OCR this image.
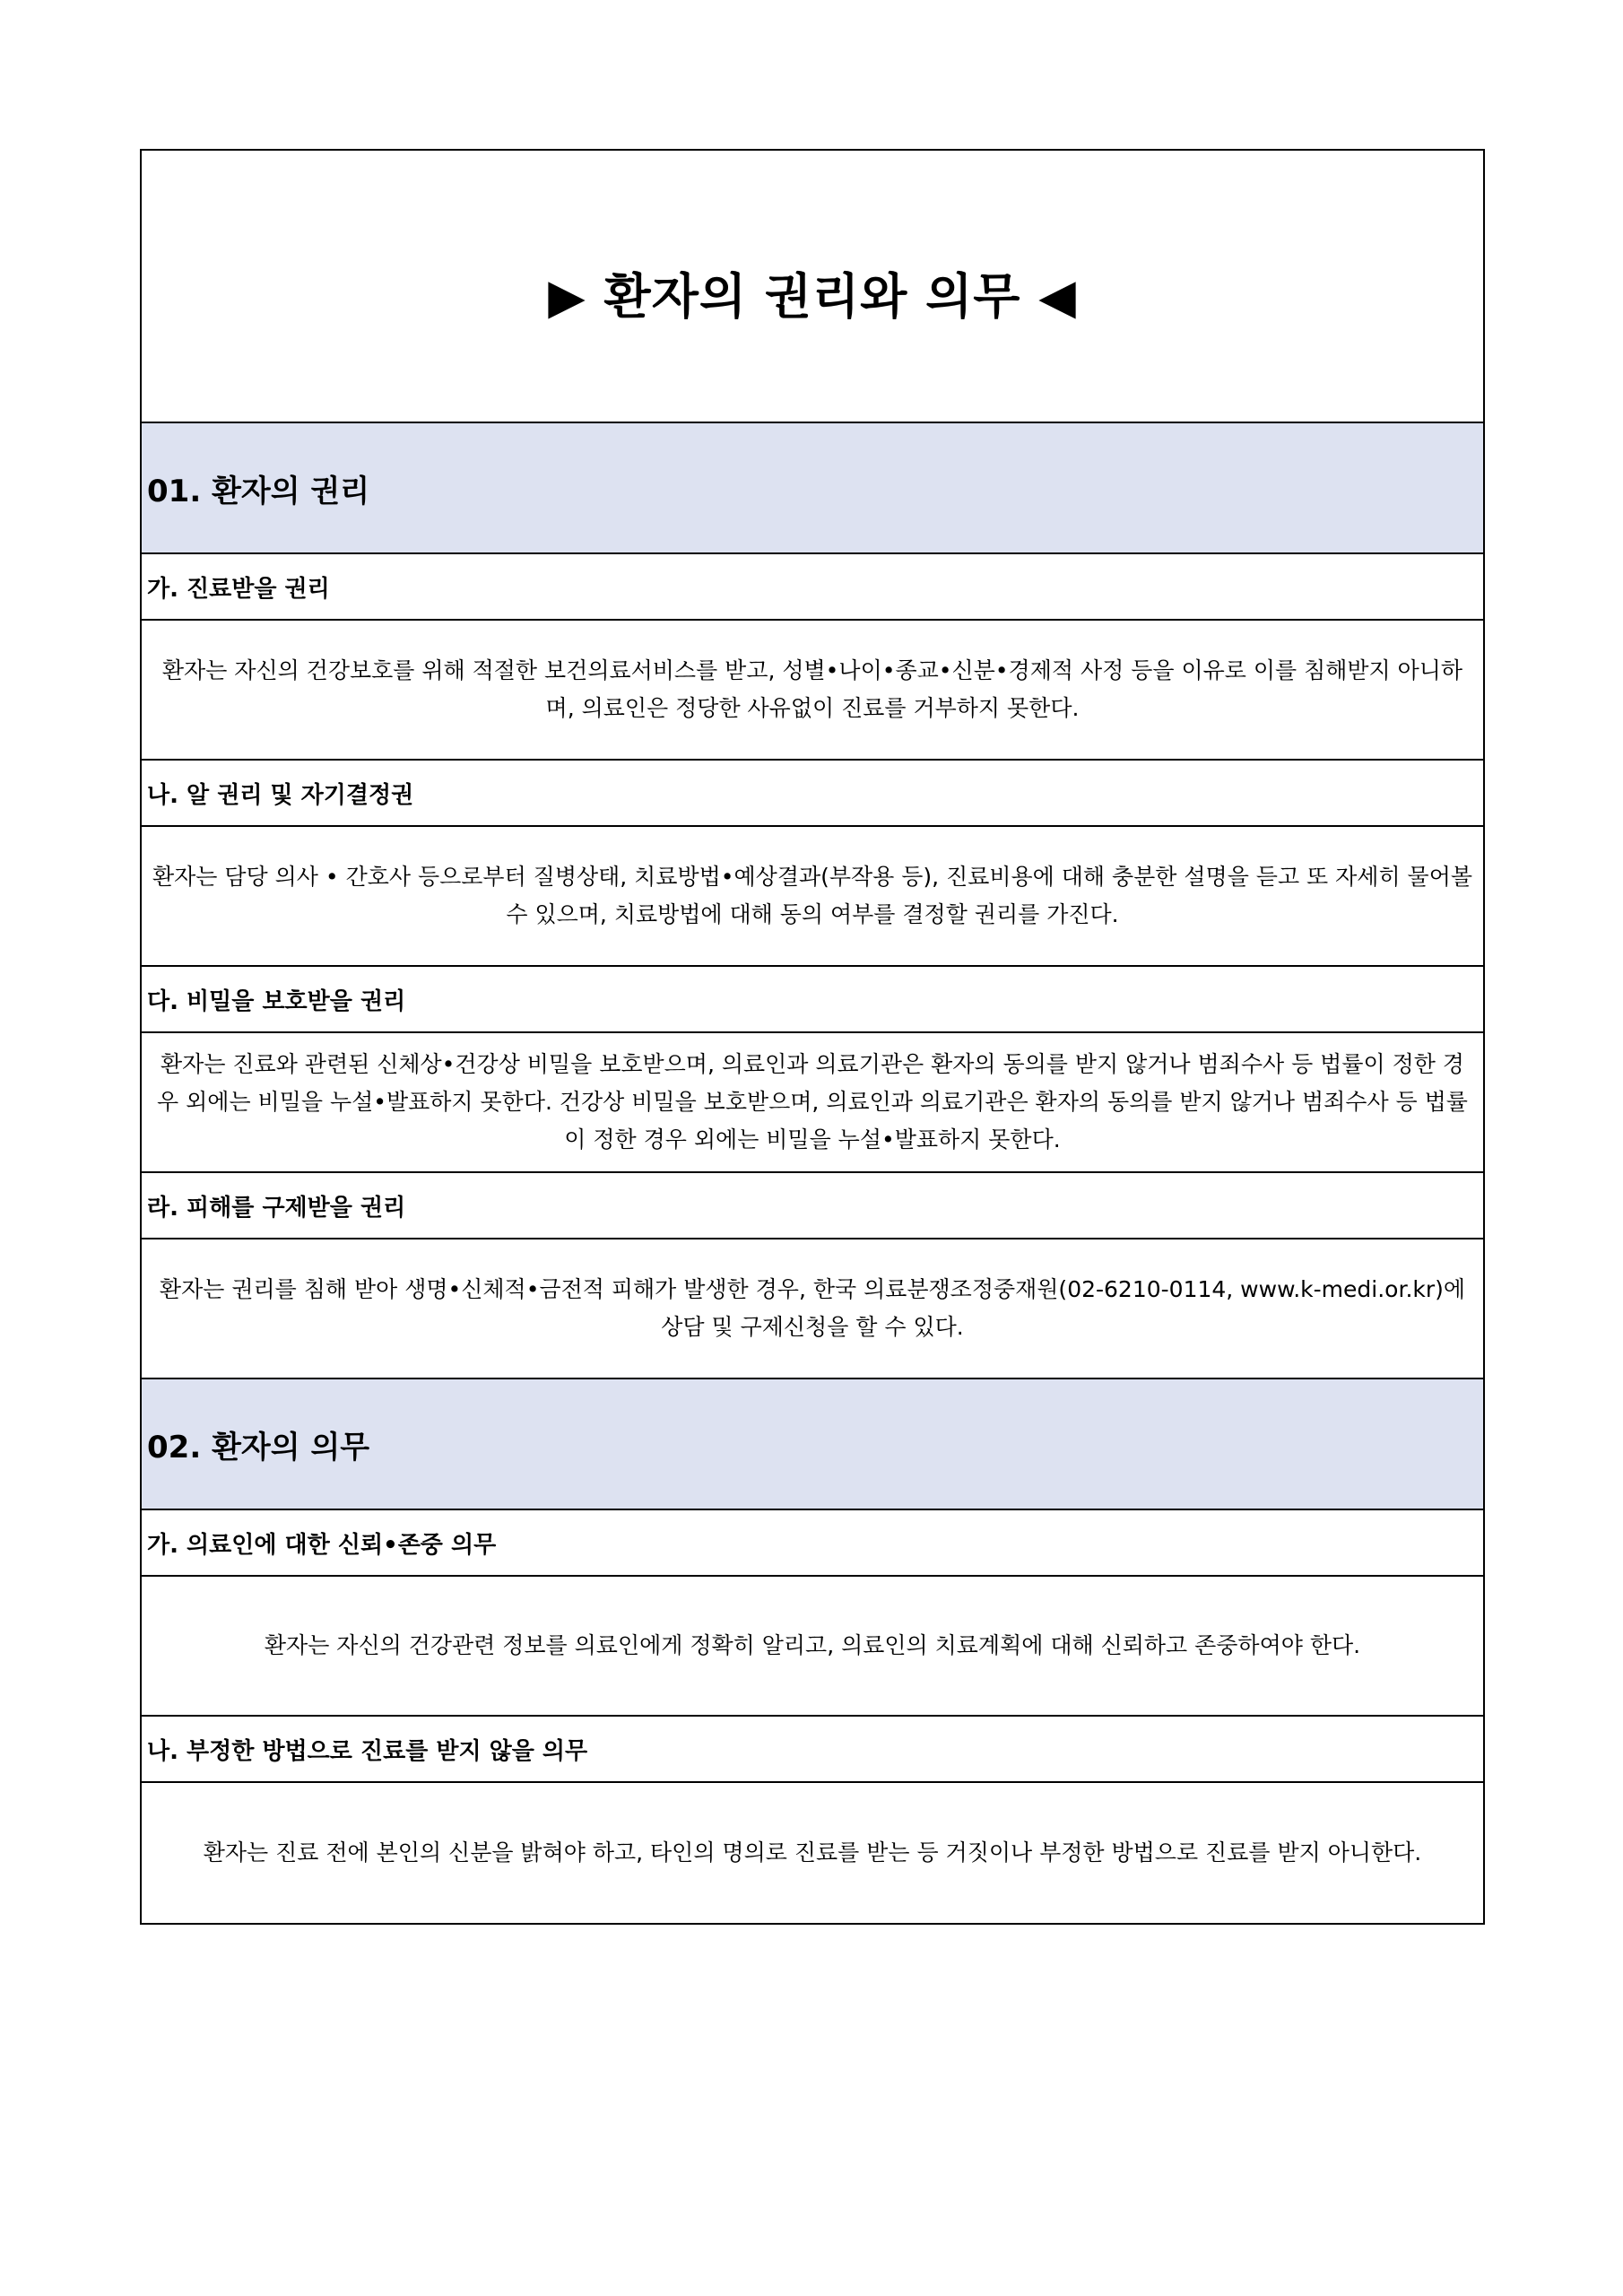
▶ 환자의 권리와 의무 ◀
01. 환자의 권리
가. 진료받을 권리
환자는 자신의 건강보호를 위해 적절한 보건의료서비스를 받고, 성별•나이•종교•신분•경제적 사정 등을 이유로 이를 침해받지 아니하며, 의료인은 정당한 사유없이 진료를 거부하지 못한다.
나. 알 권리 및 자기결정권
환자는 담당 의사 • 간호사 등으로부터 질병상태, 치료방법•예상결과(부작용 등), 진료비용에 대해 충분한 설명을 듣고 또 자세히 물어볼 수 있으며, 치료방법에 대해 동의 여부를 결정할 권리를 가진다.
다. 비밀을 보호받을 권리
환자는 진료와 관련된 신체상•건강상 비밀을 보호받으며, 의료인과 의료기관은 환자의 동의를 받지 않거나 범죄수사 등 법률이 정한 경우 외에는 비밀을 누설•발표하지 못한다. 건강상 비밀을 보호받으며, 의료인과 의료기관은 환자의 동의를 받지 않거나 범죄수사 등 법률이 정한 경우 외에는 비밀을 누설•발표하지 못한다.
라. 피해를 구제받을 권리
환자는 권리를 침해 받아 생명•신체적•금전적 피해가 발생한 경우, 한국 의료분쟁조정중재원(02-6210-0114, www.k-medi.or.kr)에 상담 및 구제신청을 할 수 있다.
02. 환자의 의무
가. 의료인에 대한 신뢰•존중 의무
환자는 자신의 건강관련 정보를 의료인에게 정확히 알리고, 의료인의 치료계획에 대해 신뢰하고 존중하여야 한다.
나. 부정한 방법으로 진료를 받지 않을 의무
환자는 진료 전에 본인의 신분을 밝혀야 하고, 타인의 명의로 진료를 받는 등 거짓이나 부정한 방법으로 진료를 받지 아니한다.
